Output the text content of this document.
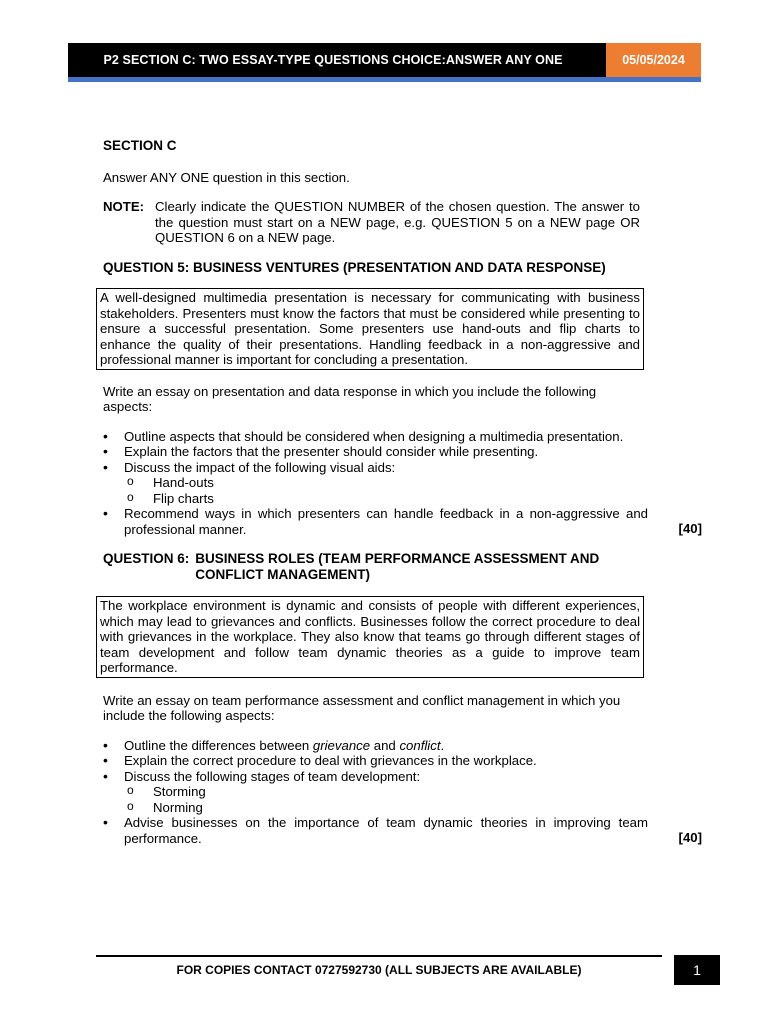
P2 SECTION C: TWO ESSAY-TYPE QUESTIONS CHOICE:ANSWER ANY ONE	05/05/2024

SECTION C

Answer ANY ONE question in this section.

NOTE: Clearly indicate the QUESTION NUMBER of the chosen question. The answer to the question must start on a NEW page, e.g. QUESTION 5 on a NEW page OR QUESTION 6 on a NEW page.

QUESTION 5: BUSINESS VENTURES (PRESENTATION AND DATA RESPONSE)

A well-designed multimedia presentation is necessary for communicating with business stakeholders. Presenters must know the factors that must be considered while presenting to ensure a successful presentation. Some presenters use hand-outs and flip charts to enhance the quality of their presentations. Handling feedback in a non-aggressive and professional manner is important for concluding a presentation.

Write an essay on presentation and data response in which you include the following aspects:

• Outline aspects that should be considered when designing a multimedia presentation.
• Explain the factors that the presenter should consider while presenting.
• Discuss the impact of the following visual aids:
o Hand-outs
o Flip charts
• Recommend ways in which presenters can handle feedback in a non-aggressive and professional manner.	[40]
QUESTION 6: BUSINESS ROLES (TEAM PERFORMANCE ASSESSMENT AND CONFLICT MANAGEMENT)
The workplace environment is dynamic and consists of people with different experiences, which may lead to grievances and conflicts. Businesses follow the correct procedure to deal with grievances in the workplace. They also know that teams go through different stages of team development and follow team dynamic theories as a guide to improve team performance.

Write an essay on team performance assessment and conflict management in which you include the following aspects:

• Outline the differences between grievance and conflict.
• Explain the correct procedure to deal with grievances in the workplace.
• Discuss the following stages of team development:
o Storming
o Norming
• Advise businesses on the importance of team dynamic theories in improving team performance.	[40]
FOR COPIES CONTACT 0727592730 (ALL SUBJECTS ARE AVAILABLE)	1
